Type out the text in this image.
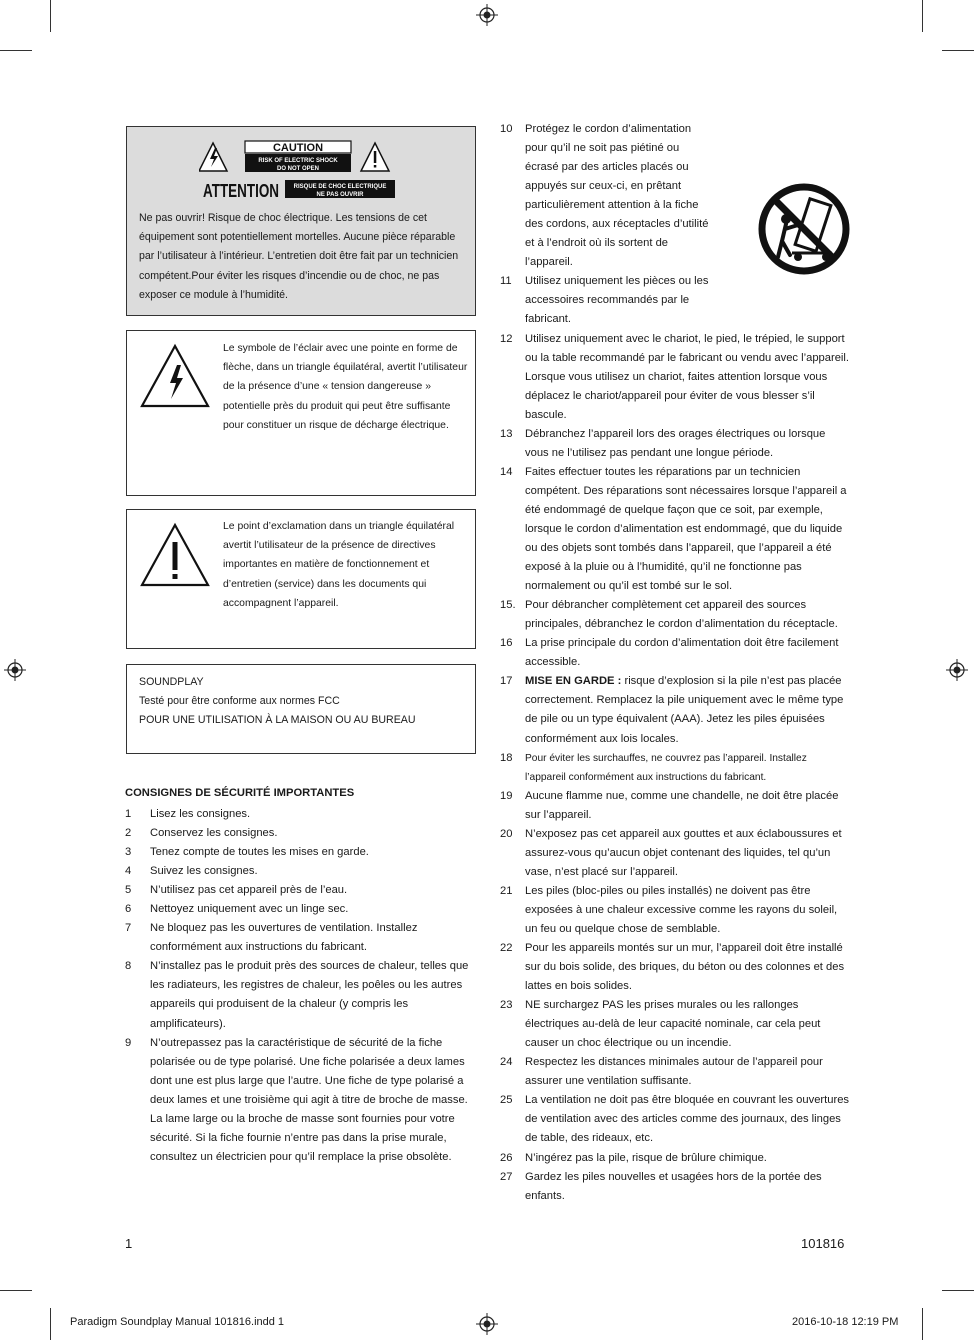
CAUTION
RISK OF ELECTRIC SHOCK
DO NOT OPEN
ATTENTION RISQUE DE CHOC ELECTRIQUE
NE PAS OUVRIR
Ne pas ouvrir! Risque de choc électrique. Les tensions de cet équipement sont potentiellement mortelles. Aucune pièce réparable par l’utilisateur à l’intérieur. L’entretien doit être fait par un technicien compétent.Pour éviter les risques d’incendie ou de choc, ne pas exposer ce module à l’humidité.
Le symbole de l’éclair avec une pointe en forme de flèche, dans un triangle équilatéral, avertit l’utilisateur de la présence d’une « tension dangereuse » potentielle près du produit qui peut être suffisante pour constituer un risque de décharge électrique.
Le point d’exclamation dans un triangle équilatéral avertit l’utilisateur de la présence de directives importantes en matière de fonctionnement et d’entretien (service) dans les documents qui accompagnent l’appareil.
SOUNDPLAY
Testé pour être conforme aux normes FCC
POUR UNE UTILISATION À LA MAISON OU AU BUREAU
CONSIGNES DE SÉCURITÉ IMPORTANTES
1 Lisez les consignes.
2 Conservez les consignes.
3 Tenez compte de toutes les mises en garde.
4 Suivez les consignes.
5 N’utilisez pas cet appareil près de l’eau.
6 Nettoyez uniquement avec un linge sec.
7 Ne bloquez pas les ouvertures de ventilation. Installez conformément aux instructions du fabricant.
8 N’installez pas le produit près des sources de chaleur, telles que les radiateurs, les registres de chaleur, les poêles ou les autres appareils qui produisent de la chaleur (y compris les amplificateurs).
9 N’outrepassez pas la caractéristique de sécurité de la fiche polarisée ou de type polarisé. Une fiche polarisée a deux lames dont une est plus large que l’autre. Une fiche de type polarisé a deux lames et une troisième qui agit à titre de broche de masse. La lame large ou la broche de masse sont fournies pour votre sécurité. Si la fiche fournie n’entre pas dans la prise murale, consultez un électricien pour qu’il remplace la prise obsolète.
10 Protégez le cordon d’alimentation pour qu’il ne soit pas piétiné ou écrasé par des articles placés ou appuyés sur ceux-ci, en prêtant particulièrement attention à la fiche des cordons, aux réceptacles d’utilité et à l’endroit où ils sortent de l’appareil.
11 Utilisez uniquement les pièces ou les accessoires recommandés par le fabricant.
12 Utilisez uniquement avec le chariot, le pied, le trépied, le support ou la table recommandé par le fabricant ou vendu avec l’appareil. Lorsque vous utilisez un chariot, faites attention lorsque vous déplacez le chariot/appareil pour éviter de vous blesser s’il bascule.
13 Débranchez l’appareil lors des orages électriques ou lorsque vous ne l’utilisez pas pendant une longue période.
14 Faites effectuer toutes les réparations par un technicien compétent. Des réparations sont nécessaires lorsque l’appareil a été endommagé de quelque façon que ce soit, par exemple, lorsque le cordon d’alimentation est endommagé, que du liquide ou des objets sont tombés dans l’appareil, que l’appareil a été exposé à la pluie ou à l’humidité, qu’il ne fonctionne pas normalement ou qu’il est tombé sur le sol.
15. Pour débrancher complètement cet appareil des sources principales, débranchez le cordon d’alimentation du réceptacle.
16 La prise principale du cordon d’alimentation doit être facilement accessible.
17 MISE EN GARDE : risque d’explosion si la pile n’est pas placée correctement. Remplacez la pile uniquement avec le même type de pile ou un type équivalent (AAA). Jetez les piles épuisées conformément aux lois locales.
18 Pour éviter les surchauffes, ne couvrez pas l’appareil. Installez l’appareil conformément aux instructions du fabricant.
19 Aucune flamme nue, comme une chandelle, ne doit être placée sur l’appareil.
20 N’exposez pas cet appareil aux gouttes et aux éclaboussures et assurez-vous qu’aucun objet contenant des liquides, tel qu’un vase, n’est placé sur l’appareil.
21 Les piles (bloc-piles ou piles installés) ne doivent pas être exposées à une chaleur excessive comme les rayons du soleil, un feu ou quelque chose de semblable.
22 Pour les appareils montés sur un mur, l’appareil doit être installé sur du bois solide, des briques, du béton ou des colonnes et des lattes en bois solides.
23 NE surchargez PAS les prises murales ou les rallonges électriques au-delà de leur capacité nominale, car cela peut causer un choc électrique ou un incendie.
24 Respectez les distances minimales autour de l’appareil pour assurer une ventilation suffisante.
25 La ventilation ne doit pas être bloquée en couvrant les ouvertures de ventilation avec des articles comme des journaux, des linges de table, des rideaux, etc.
26 N’ingérez pas la pile, risque de brûlure chimique.
27 Gardez les piles nouvelles et usagées hors de la portée des enfants.
1	101816
Paradigm Soundplay Manual 101816.indd 1	2016-10-18 12:19 PM
